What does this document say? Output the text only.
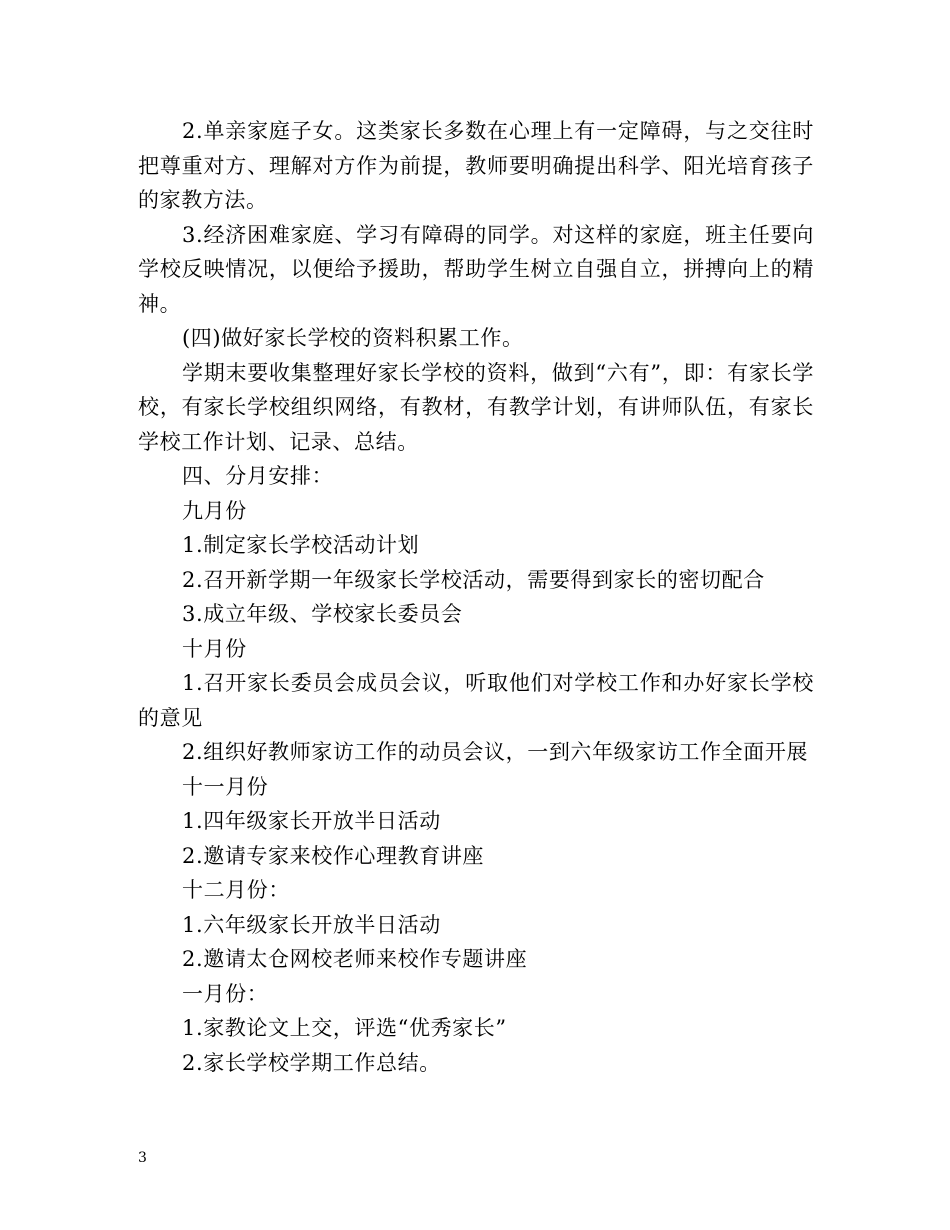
2.单亲家庭子女。这类家长多数在心理上有一定障碍，与之交往时把尊重对方、理解对方作为前提，教师要明确提出科学、阳光培育孩子的家教方法。

3.经济困难家庭、学习有障碍的同学。对这样的家庭，班主任要向学校反映情况，以便给予援助，帮助学生树立自强自立，拼搏向上的精神。

(四)做好家长学校的资料积累工作。

学期末要收集整理好家长学校的资料，做到“六有”，即：有家长学校，有家长学校组织网络，有教材，有教学计划，有讲师队伍，有家长学校工作计划、记录、总结。

四、分月安排：

九月份

1.制定家长学校活动计划

2.召开新学期一年级家长学校活动，需要得到家长的密切配合

3.成立年级、学校家长委员会

十月份

1.召开家长委员会成员会议，听取他们对学校工作和办好家长学校的意见

2.组织好教师家访工作的动员会议，一到六年级家访工作全面开展

十一月份

1.四年级家长开放半日活动

2.邀请专家来校作心理教育讲座

十二月份：

1.六年级家长开放半日活动

2.邀请太仓网校老师来校作专题讲座

一月份：

1.家教论文上交，评选“优秀家长”

2.家长学校学期工作总结。

3
